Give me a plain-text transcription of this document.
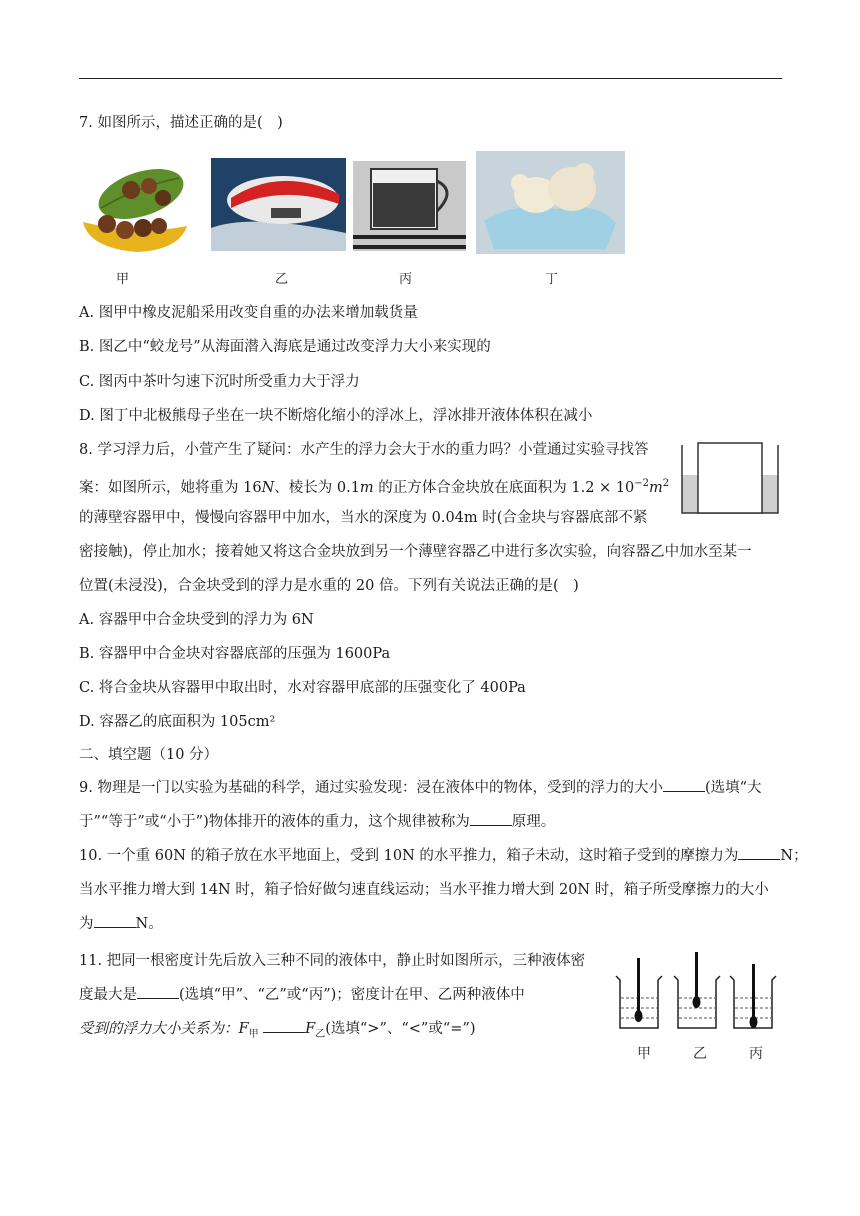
7. 如图所示，描述正确的是(　)
甲	乙	丙	丁
A. 图甲中橡皮泥船采用改变自重的办法来增加载货量
B. 图乙中“蛟龙号”从海面潜入海底是通过改变浮力大小来实现的
C. 图丙中茶叶匀速下沉时所受重力大于浮力
D. 图丁中北极熊母子坐在一块不断熔化缩小的浮冰上，浮冰排开液体体积在减小
8. 学习浮力后，小萱产生了疑问：水产生的浮力会大于水的重力吗？小萱通过实验寻找答
案：如图所示，她将重为 16N、棱长为 0.1m 的正方体合金块放在底面积为 $1.2 \times 10^{-2}m^2$
的薄壁容器甲中，慢慢向容器甲中加水，当水的深度为 0.04m 时(合金块与容器底部不紧
密接触)，停止加水；接着她又将这合金块放到另一个薄壁容器乙中进行多次实验，向容器乙中加水至某一
位置(未浸没)，合金块受到的浮力是水重的 20 倍。下列有关说法正确的是(　)
A. 容器甲中合金块受到的浮力为 6N
B. 容器甲中合金块对容器底部的压强为 1600Pa
C. 将合金块从容器甲中取出时，水对容器甲底部的压强变化了 400Pa
D. 容器乙的底面积为 105cm²
二、填空题（10 分）
9. 物理是一门以实验为基础的科学，通过实验发现：浸在液体中的物体，受到的浮力的大小	(选填“大
于”“等于”或“小于”)物体排开的液体的重力，这个规律被称为	原理。
10. 一个重 60N 的箱子放在水平地面上，受到 10N 的水平推力，箱子未动，这时箱子受到的摩擦力为	N；
当水平推力增大到 14N 时，箱子恰好做匀速直线运动；当水平推力增大到 20N 时，箱子所受摩擦力的大小
为	N。
11. 把同一根密度计先后放入三种不同的液体中，静止时如图所示，三种液体密
度最大是	(选填“甲”、“乙”或“丙”)；密度计在甲、乙两种液体中
受到的浮力大小关系为：$F_甲$	$F_乙$(选填“>”、“<”或“=”)
甲	乙	丙
